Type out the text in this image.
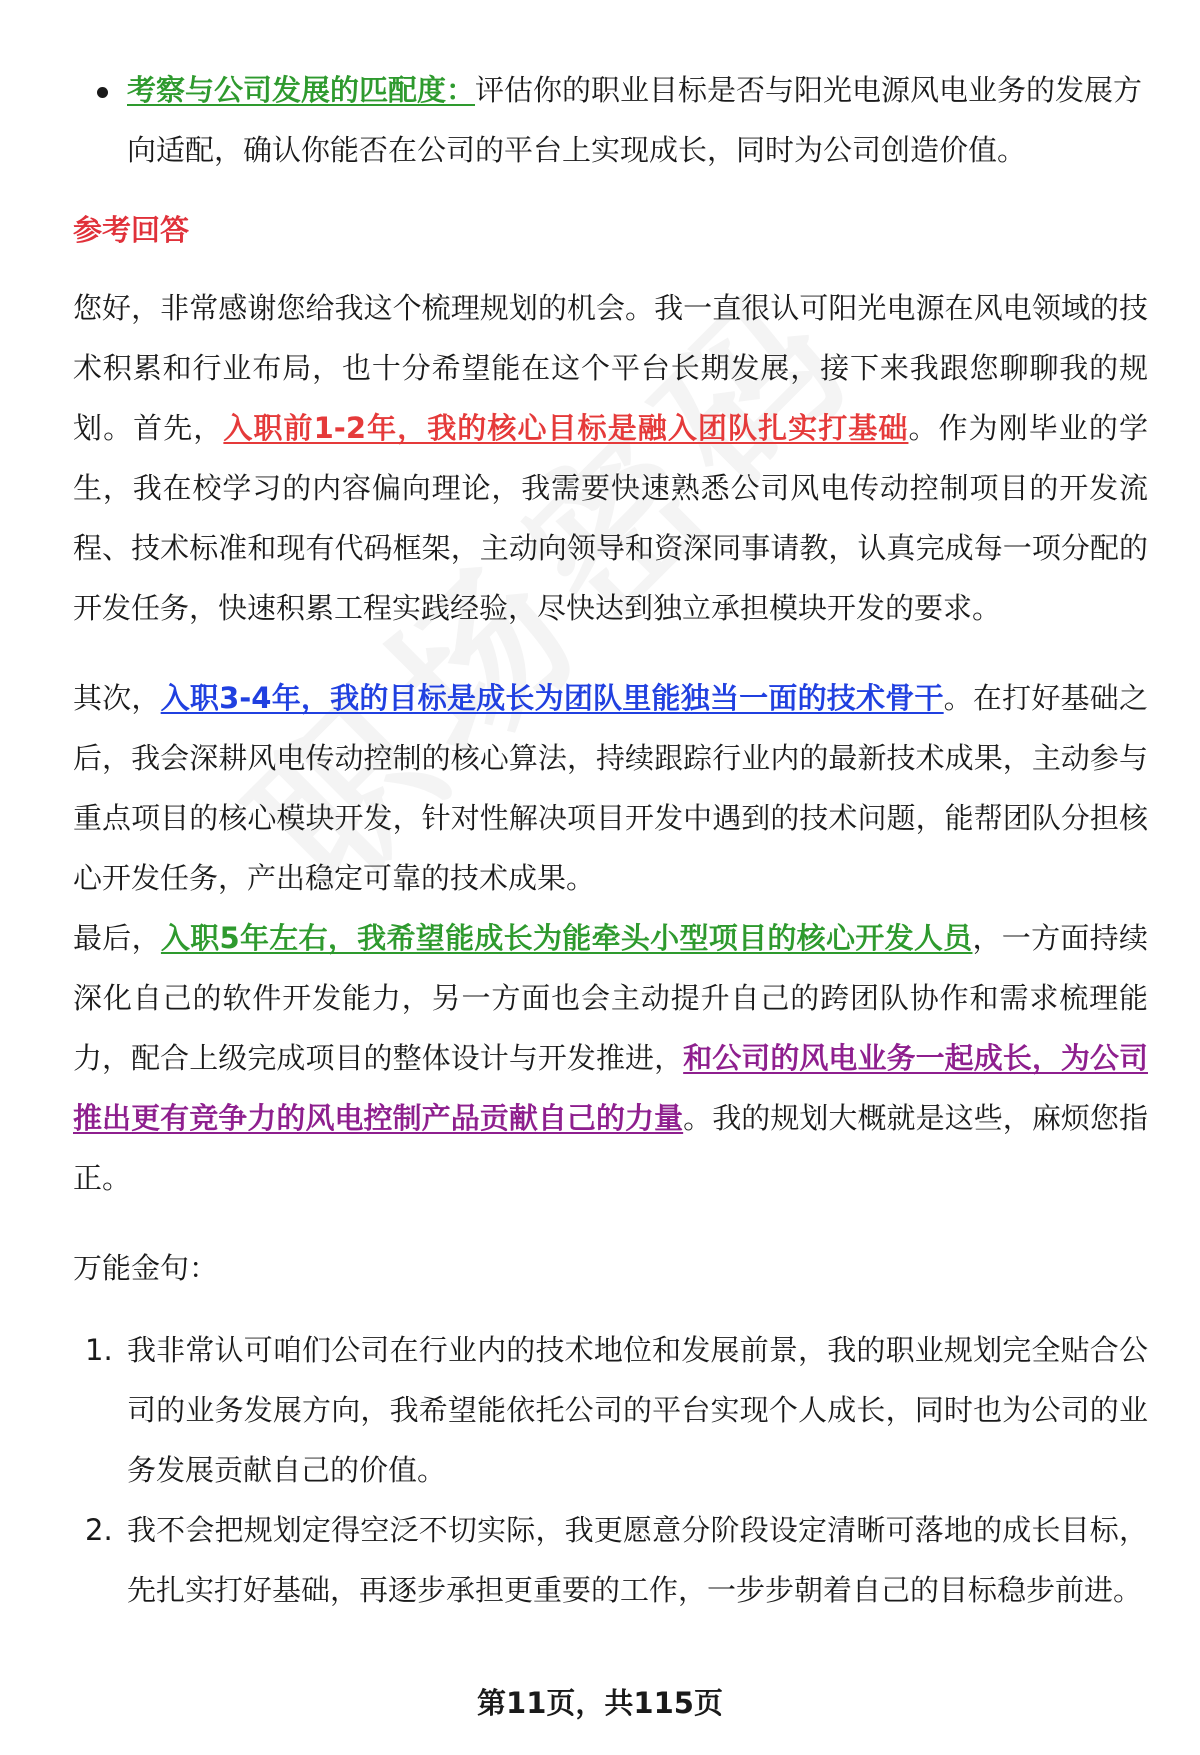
考察与公司发展的匹配度：评估你的职业目标是否与阳光电源风电业务的发展方向适配，确认你能否在公司的平台上实现成长，同时为公司创造价值。

参考回答

您好，非常感谢您给我这个梳理规划的机会。我一直很认可阳光电源在风电领域的技术积累和行业布局，也十分希望能在这个平台长期发展，接下来我跟您聊聊我的规划。首先，入职前1-2年，我的核心目标是融入团队扎实打基础。作为刚毕业的学生，我在校学习的内容偏向理论，我需要快速熟悉公司风电传动控制项目的开发流程、技术标准和现有代码框架，主动向领导和资深同事请教，认真完成每一项分配的开发任务，快速积累工程实践经验，尽快达到独立承担模块开发的要求。

其次，入职3-4年，我的目标是成长为团队里能独当一面的技术骨干。在打好基础之后，我会深耕风电传动控制的核心算法，持续跟踪行业内的最新技术成果，主动参与重点项目的核心模块开发，针对性解决项目开发中遇到的技术问题，能帮团队分担核心开发任务，产出稳定可靠的技术成果。

最后，入职5年左右，我希望能成长为能牵头小型项目的核心开发人员，一方面持续深化自己的软件开发能力，另一方面也会主动提升自己的跨团队协作和需求梳理能力，配合上级完成项目的整体设计与开发推进，和公司的风电业务一起成长，为公司推出更有竞争力的风电控制产品贡献自己的力量。我的规划大概就是这些，麻烦您指正。

万能金句：
1. 我非常认可咱们公司在行业内的技术地位和发展前景，我的职业规划完全贴合公司的业务发展方向，我希望能依托公司的平台实现个人成长，同时也为公司的业务发展贡献自己的价值。
2. 我不会把规划定得空泛不切实际，我更愿意分阶段设定清晰可落地的成长目标，先扎实打好基础，再逐步承担更重要的工作，一步步朝着自己的目标稳步前进。
第11页，共115页
